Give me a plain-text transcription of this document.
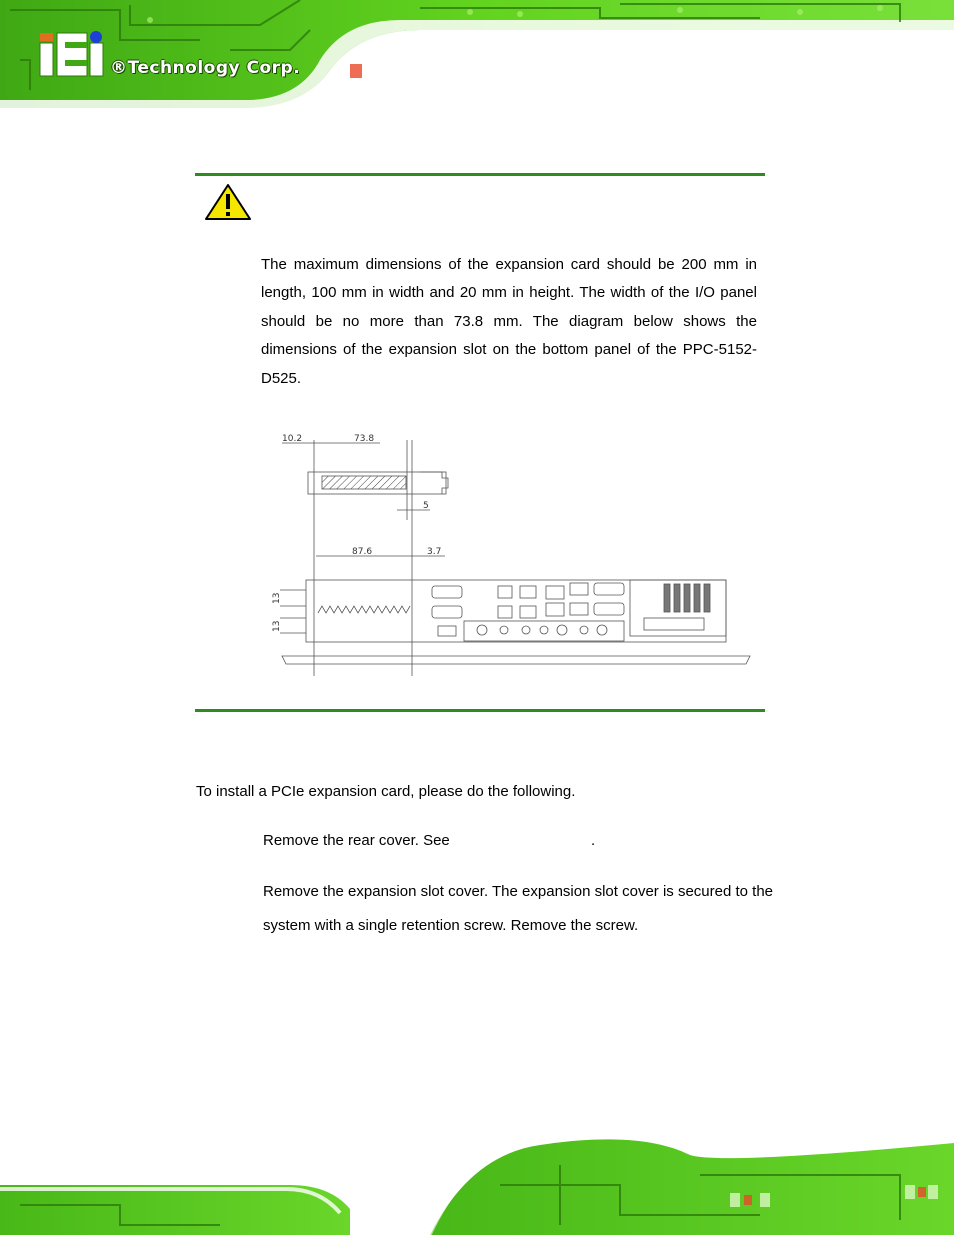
®Technology Corp.
The maximum dimensions of the expansion card should be 200 mm in length, 100 mm in width and 20 mm in height. The width of the I/O panel should be no more than 73.8 mm. The diagram below shows the dimensions of the expansion slot on the bottom panel of the PPC-5152-D525.
10.2	73.8
5
87.6	3.7
13
13
To install a PCIe expansion card, please do the following.
Remove the rear cover. See	.
Remove the expansion slot cover. The expansion slot cover is secured to the system with a single retention screw. Remove the screw.
